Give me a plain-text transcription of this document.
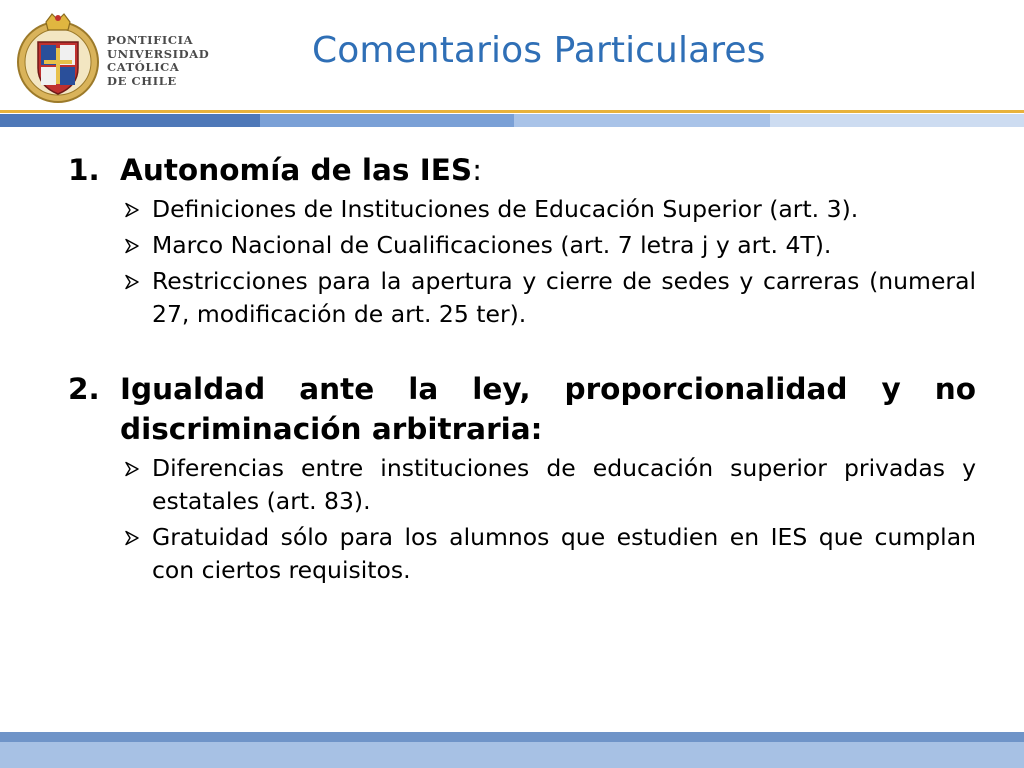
PONTIFICIA
UNIVERSIDAD
CATÓLICA
DE CHILE
Comentarios Particulares
1. Autonomía de las IES:
Definiciones de Instituciones de Educación Superior (art. 3).
Marco Nacional de Cualificaciones (art. 7 letra j y art. 4T).
Restricciones para la apertura y cierre de sedes y carreras (numeral 27, modificación de art. 25 ter).
2. Igualdad ante la ley, proporcionalidad y no discriminación arbitraria:
Diferencias entre instituciones de educación superior privadas y estatales (art. 83).
Gratuidad sólo para los alumnos que estudien en IES que cumplan con ciertos requisitos.
